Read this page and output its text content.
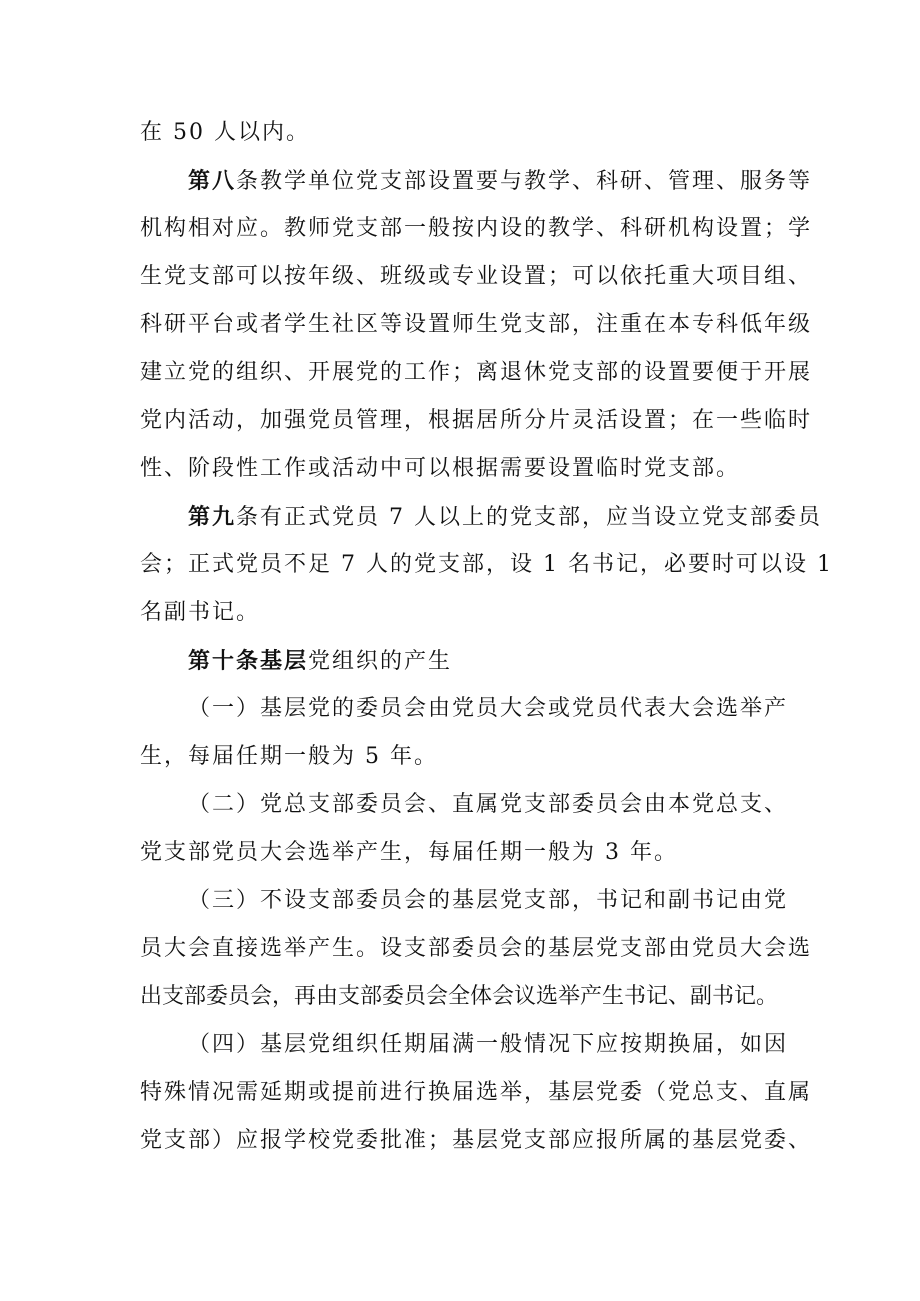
在 50 人以内。
第八条教学单位党支部设置要与教学、科研、管理、服务等
机构相对应。教师党支部一般按内设的教学、科研机构设置；学
生党支部可以按年级、班级或专业设置；可以依托重大项目组、
科研平台或者学生社区等设置师生党支部，注重在本专科低年级
建立党的组织、开展党的工作；离退休党支部的设置要便于开展
党内活动，加强党员管理，根据居所分片灵活设置；在一些临时
性、阶段性工作或活动中可以根据需要设置临时党支部。
第九条有正式党员 7 人以上的党支部，应当设立党支部委员
会；正式党员不足 7 人的党支部，设 1 名书记，必要时可以设 1
名副书记。
第十条基层党组织的产生
（一）基层党的委员会由党员大会或党员代表大会选举产
生，每届任期一般为 5 年。
（二）党总支部委员会、直属党支部委员会由本党总支、
党支部党员大会选举产生，每届任期一般为 3 年。
（三）不设支部委员会的基层党支部，书记和副书记由党
员大会直接选举产生。设支部委员会的基层党支部由党员大会选
出支部委员会，再由支部委员会全体会议选举产生书记、副书记。
（四）基层党组织任期届满一般情况下应按期换届，如因
特殊情况需延期或提前进行换届选举，基层党委（党总支、直属
党支部）应报学校党委批准；基层党支部应报所属的基层党委、
